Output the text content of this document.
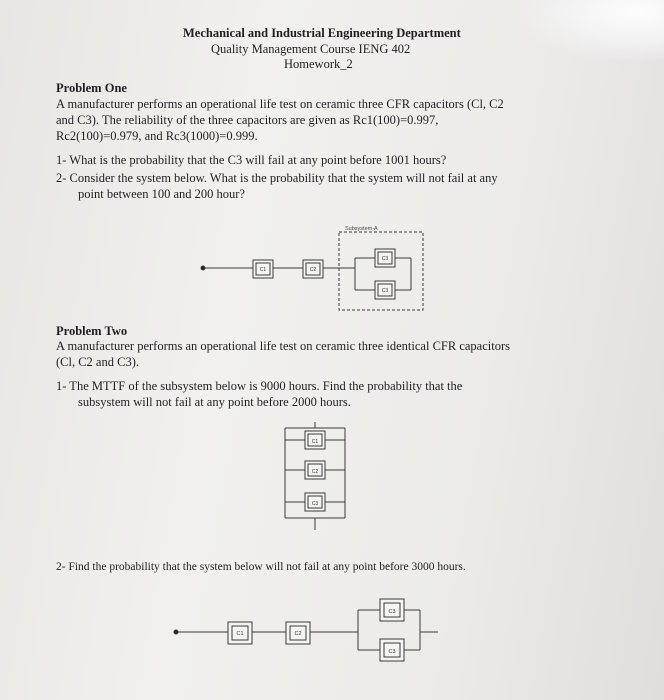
Mechanical and Industrial Engineering Department
Quality Management Course IENG 402
Homework_2
Problem One
A manufacturer performs an operational life test on ceramic three CFR capacitors (Cl, C2
and C3). The reliability of the three capacitors are given as Rc1(100)=0.997,
Rc2(100)=0.979, and Rc3(1000)=0.999.
1- What is the probability that the C3 will fail at any point before 1001 hours?
2- Consider the system below. What is the probability that the system will not fail at any
point between 100 and 200 hour?
Subsystem-A
C1	C2
C3
C3
Problem Two
A manufacturer performs an operational life test on ceramic three identical CFR capacitors
(Cl, C2 and C3).
1- The MTTF of the subsystem below is 9000 hours. Find the probability that the
subsystem will not fail at any point before 2000 hours.
C1
C2
C3
2- Find the probability that the system below will not fail at any point before 3000 hours.
C1	C2
C3
C3
